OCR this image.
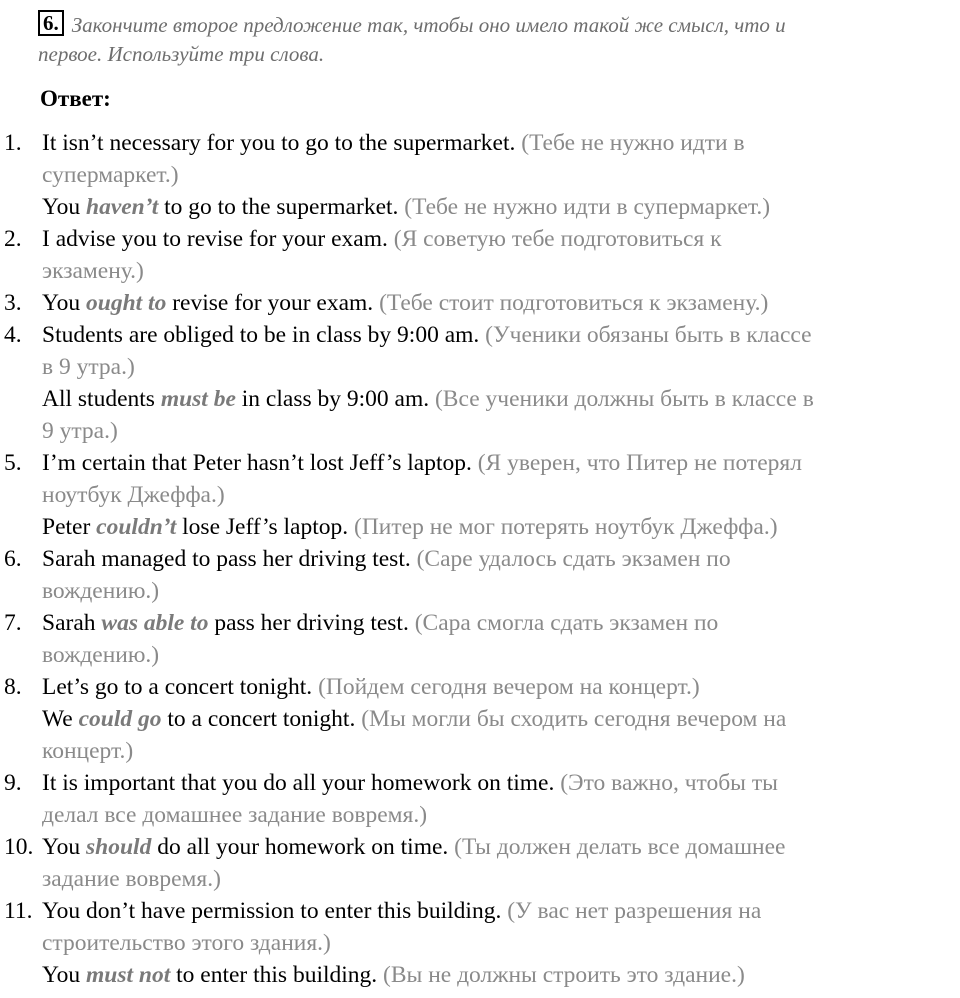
6. Закончите второе предложение так, чтобы оно имело такой же смысл, что и
первое. Используйте три слова.
Ответ:
1. It isn’t necessary for you to go to the supermarket. (Тебе не нужно идти в
супермаркет.)
You haven’t to go to the supermarket. (Тебе не нужно идти в супермаркет.)
2. I advise you to revise for your exam. (Я советую тебе подготовиться к
экзамену.)
3. You ought to revise for your exam. (Тебе стоит подготовиться к экзамену.)
4. Students are obliged to be in class by 9:00 am. (Ученики обязаны быть в классе
в 9 утра.)
All students must be in class by 9:00 am. (Все ученики должны быть в классе в
9 утра.)
5. I’m certain that Peter hasn’t lost Jeff’s laptop. (Я уверен, что Питер не потерял
ноутбук Джеффа.)
Peter couldn’t lose Jeff’s laptop. (Питер не мог потерять ноутбук Джеффа.)
6. Sarah managed to pass her driving test. (Саре удалось сдать экзамен по
вождению.)
7. Sarah was able to pass her driving test. (Сара смогла сдать экзамен по
вождению.)
8. Let’s go to a concert tonight. (Пойдем сегодня вечером на концерт.)
We could go to a concert tonight. (Мы могли бы сходить сегодня вечером на
концерт.)
9. It is important that you do all your homework on time. (Это важно, чтобы ты
делал все домашнее задание вовремя.)
10. You should do all your homework on time. (Ты должен делать все домашнее
задание вовремя.)
11. You don’t have permission to enter this building. (У вас нет разрешения на
строительство этого здания.)
You must not to enter this building. (Вы не должны строить это здание.)
